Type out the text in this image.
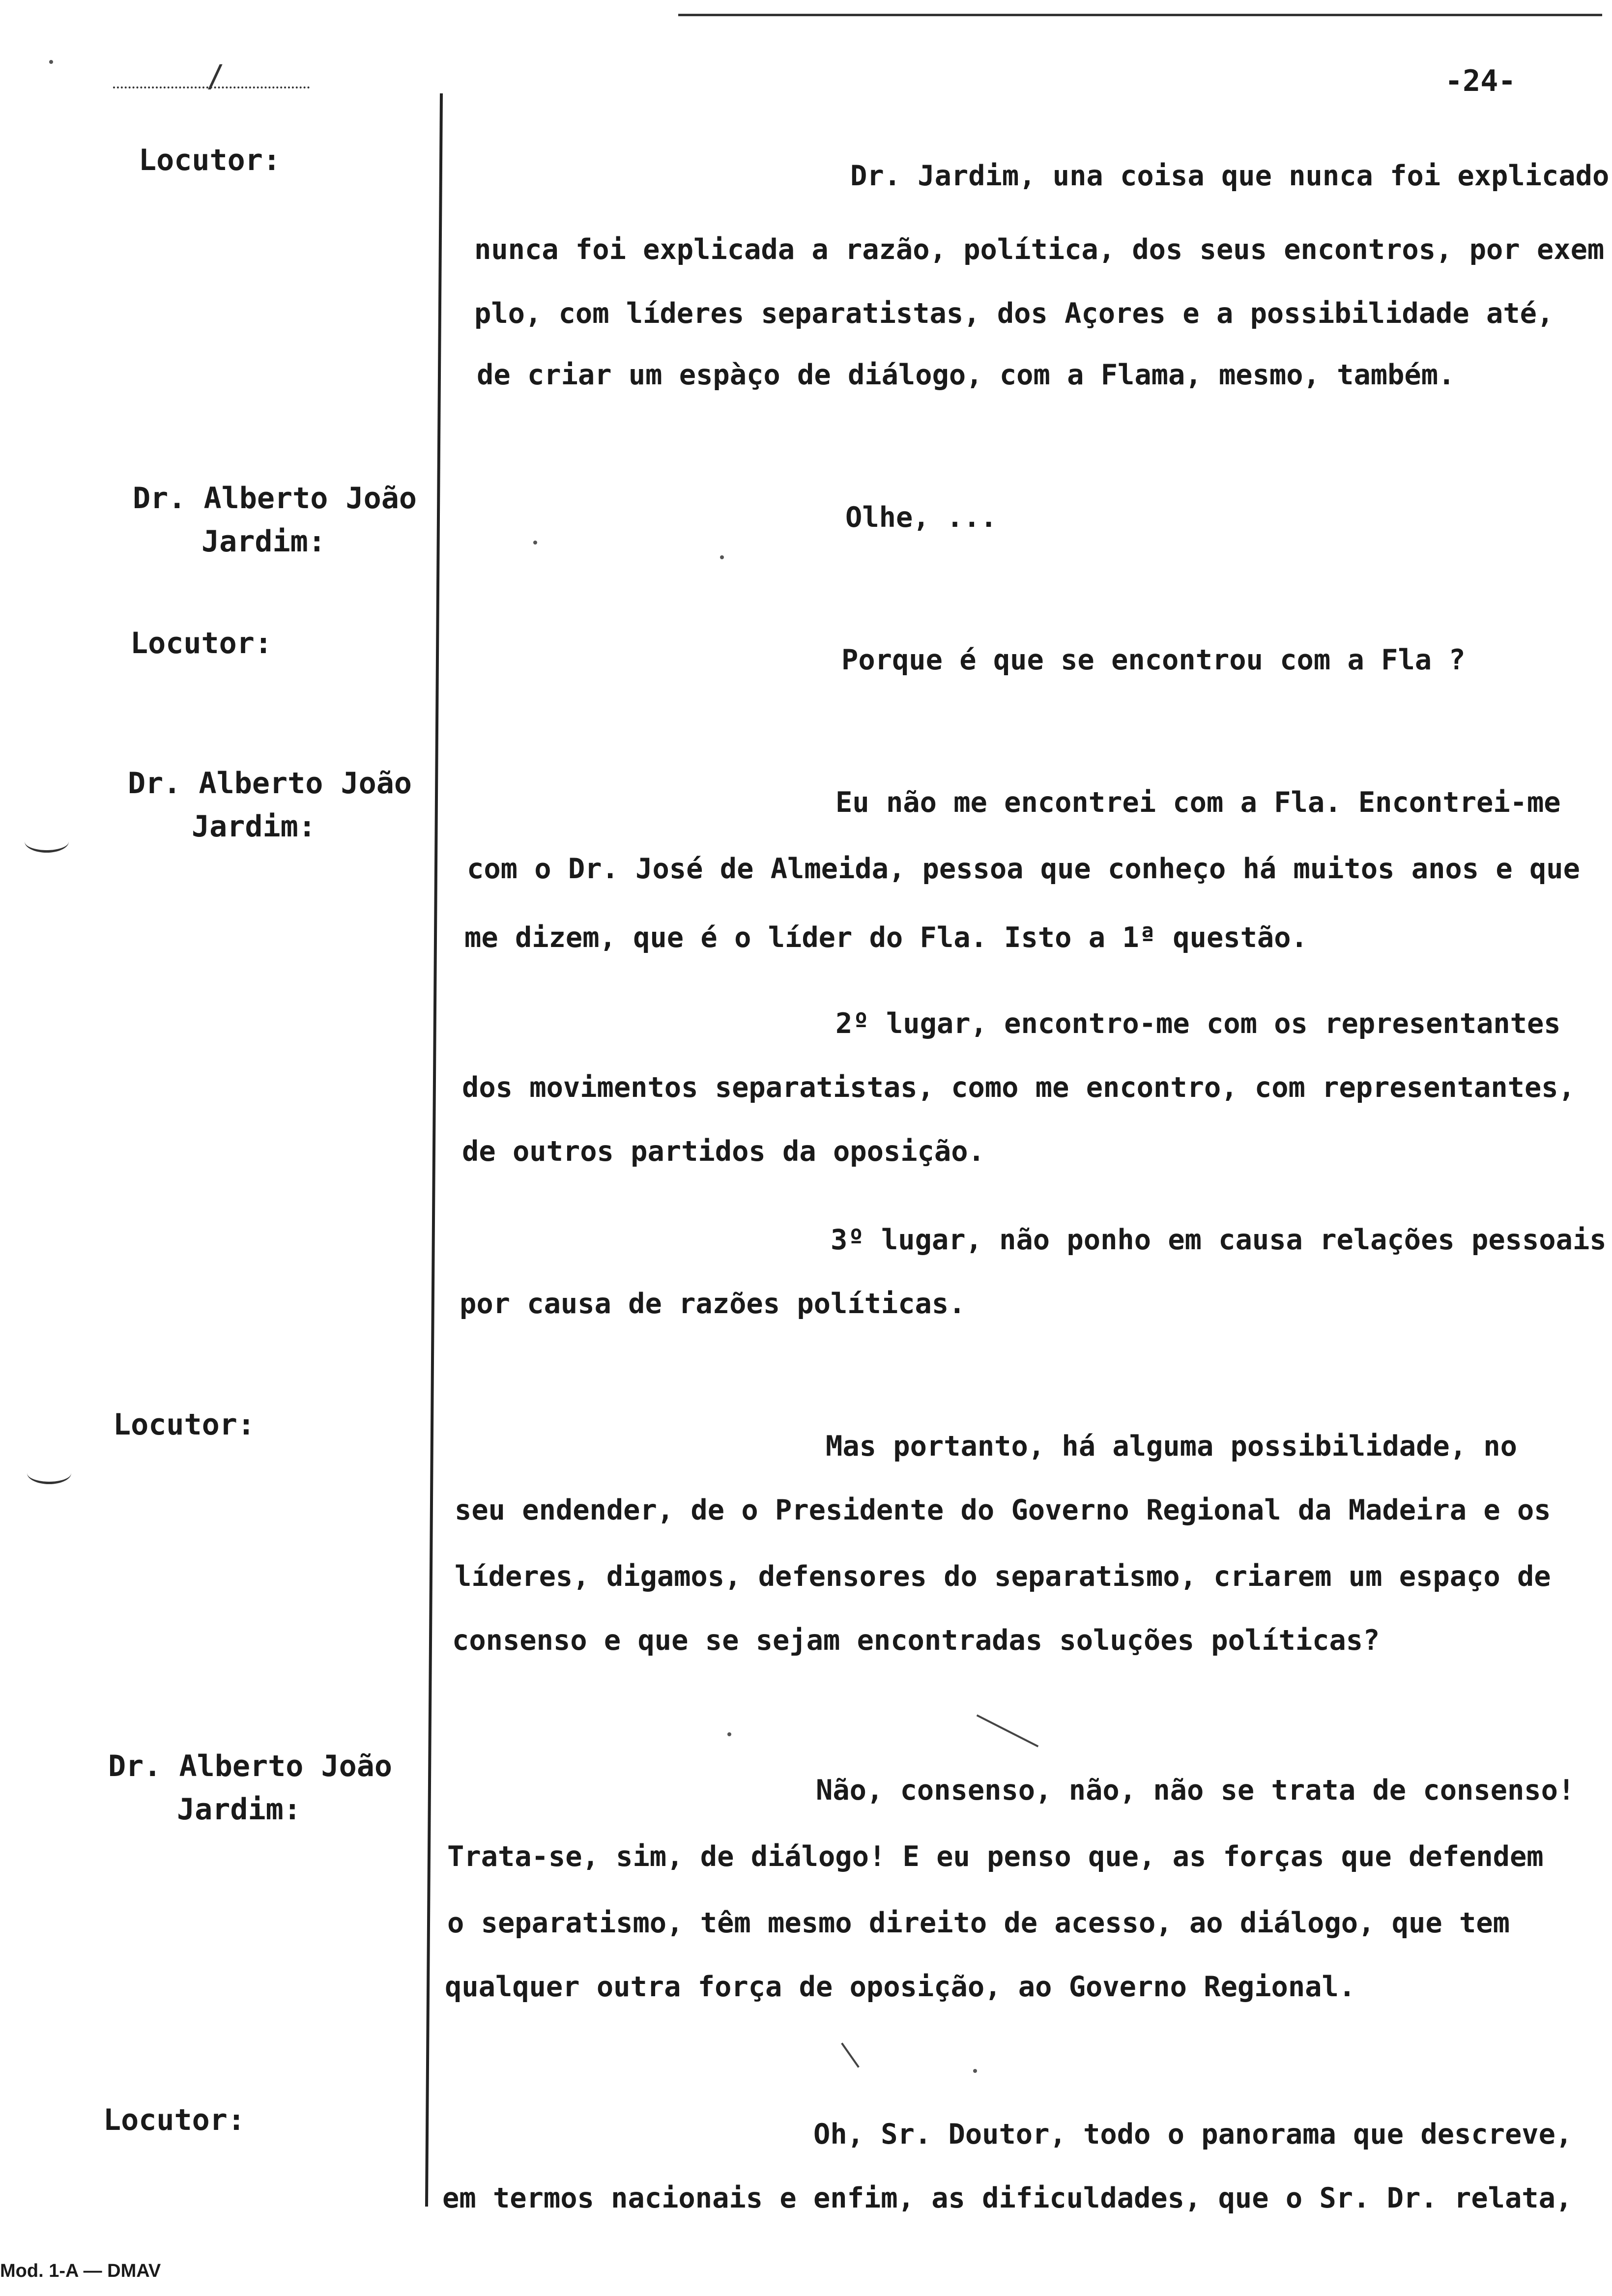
/	-24-
Locutor:	Dr. Jardim, una coisa que nunca foi explicado
nunca foi explicada a razão, política, dos seus encontros, por exem
plo, com líderes separatistas, dos Açores e a possibilidade até,
de criar um espàço de diálogo, com a Flama, mesmo, também.
Dr. Alberto João
Jardim:
Olhe, ...
Locutor:	Porque é que se encontrou com a Fla ?
Dr. Alberto João
Jardim:
Eu não me encontrei com a Fla. Encontrei-me
com o Dr. José de Almeida, pessoa que conheço há muitos anos e que
me dizem, que é o líder do Fla. Isto a 1ª questão.
2º lugar, encontro-me com os representantes
dos movimentos separatistas, como me encontro, com representantes,
de outros partidos da oposição.
3º lugar, não ponho em causa relações pessoais
por causa de razões políticas.
Locutor:
Mas portanto, há alguma possibilidade, no
seu endender, de o Presidente do Governo Regional da Madeira e os
líderes, digamos, defensores do separatismo, criarem um espaço de
consenso e que se sejam encontradas soluções políticas?
Dr. Alberto João
Jardim:
Não, consenso, não, não se trata de consenso!
Trata-se, sim, de diálogo! E eu penso que, as forças que defendem
o separatismo, têm mesmo direito de acesso, ao diálogo, que tem
qualquer outra força de oposição, ao Governo Regional.
Locutor:	Oh, Sr. Doutor, todo o panorama que descreve,
em termos nacionais e enfim, as dificuldades, que o Sr. Dr. relata,
Mod. 1-A — DMAV
